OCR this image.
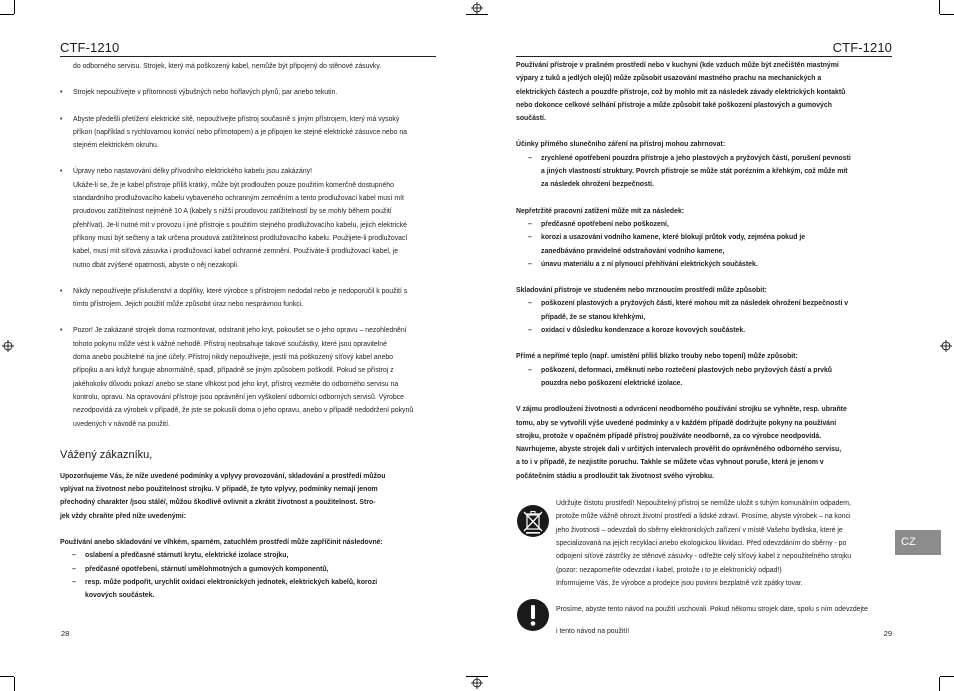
CTF-1210
do odborného servisu. Strojek, který má poškozený kabel, nemůže být připojený do stěnové zásuvky.
• Strojek nepoužívejte v přítomnosti výbušných nebo hořlavých plynů, par anebo tekutin.
• Abyste předešli přetížení elektrické sítě, nepoužívejte přístroj současně s jiným přístrojem, který má vysoký
příkon (například s rychlovarnou konvicí nebo přímotopem) a je připojen ke stejné elektrické zásuvce nebo na
stejném elektrickém okruhu.
• Úpravy nebo nastavování délky přívodního elektrického kabelu jsou zakázány!
Ukáže-li se, že je kabel přístroje příliš krátký, může být prodloužen pouze použitím komerčně dostupného
standardního prodlužovacího kabelu vybaveného ochranným zemněním a tento prodlužovací kabel musí mít
proudovou zatížitelnost nejméně 10 A (kabely s nižší proudovou zatížitelností by se mohly během použití
přehřívat). Je-li nutné mít v provozu i jiné přístroje s použitím stejného prodlužovacího kabelu, jejich elektrické
příkony musí být sečteny a tak určena proudová zatížitelnost prodlužovacího kabelu. Použijete-li prodlužovací
kabel, musí mít síťová zásuvka i prodlužovací kabel ochranné zemnění. Používáte-li prodlužovací kabel, je
nutno dbát zvýšené opatrnosti, abyste o něj nezakopli.
• Nikdy nepoužívejte příslušenství a doplňky, které výrobce s přístrojem nedodal nebo je nedoporučil k použití s
tímto přístrojem. Jejich použití může způsobit úraz nebo nesprávnou funkci.
• Pozor! Je zakázané strojek doma rozmontovat, odstranit jeho kryt, pokoušet se o jeho opravu – nezohlednění
tohoto pokynu může vést k vážné nehodě. Přístroj neobsahuje takové součástky, které jsou opravitelné
doma anebo použitelné na jiné účely. Přístroj nikdy nepoužívejte, jestli má poškozený síťový kabel anebo
přípojku a ani když funguje abnormálně, spadl, případně se jiným způsobem poškodil. Pokud se přístroj z
jakéhokoliv důvodu pokazí anebo se stane vlhkost pod jeho kryt, přístroj vezměte do odborného servisu na
kontrolu, opravu. Na opravování přístroje jsou oprávnění jen vyškolení odborníci odborných servisů. Výrobce
nezodpovídá za výrobek v případě, že jste se pokusili doma o jeho opravu, anebo v případě nedodržení pokynů
uvedených v návodě na použití.
Vážený zákazníku,
Upozorňujeme Vás, že níže uvedené podmínky a vplyvy provozování, skladování a prostředí můžou
vplývat na životnost nebo použitelnost strojku. V případě, že tyto vplyvy, podmínky nemají jenom
přechodný charakter /jsou stálé/, můžou škodlivě ovlivnit a zkrátit životnost a použitelnost. Stro-
jek vždy chraňte před níže uvedenými:
Používání anebo skladování ve vlhkém, sparném, zatuchlém prostředí může zapříčinit následovné:
– oslabení a předčasné stárnutí krytu, elektrické izolace strojku,
– předčasné opotřebení, stárnutí umělohmotných a gumových komponentů,
– resp. může podpořit, urychlit oxidaci elektronických jednotek, elektrických kabelů, korozi
kovových součástek.
28
CTF-1210
Používání přístroje v prašném prostředí nebo v kuchyni (kde vzduch může být znečištěn mastnými
výpary z tuků a jedlých olejů) může způsobit usazování mastného prachu na mechanických a
elektrických částech a pouzdře přístroje, což by mohlo mít za následek závady elektrických kontaktů
nebo dokonce celkové selhání přístroje a může způsobit také poškození plastových a gumových
součástí.
Účinky přímého slunečního záření na přístroj mohou zahrnovat:
– zrychlené opotřebení pouzdra přístroje a jeho plastových a pryžových částí, porušení pevnosti
a jiných vlastností struktury. Povrch přístroje se může stát porézním a křehkým, což může mít
za následek ohrožení bezpečnosti.
Nepřetržité pracovní zatížení může mít za následek:
– předčasné opotřebení nebo poškození,
– korozi a usazování vodního kamene, které blokují průtok vody, zejména pokud je
zanedbáváno pravidelné odstraňování vodního kamene,
– únavu materiálu a z ní plynoucí přehřívání elektrických součástek.
Skladování přístroje ve studeném nebo mrznoucím prostředí může způsobit:
– poškození plastových a pryžových částí, které mohou mít za následek ohrožení bezpečnosti v
případě, že se stanou křehkými,
– oxidaci v důsledku kondenzace a koroze kovových součástek.
Přímé a nepřímé teplo (např. umístění příliš blízko trouby nebo topení) může způsobit:
– poškození, deformaci, změknutí nebo roztečení plastových nebo pryžových částí a prvků
pouzdra nebo poškození elektrické izolace.
V zájmu prodloužení životnosti a odvrácení neodborného používání strojku se vyhněte, resp. ubraňte
tomu, aby se vytvořili výše uvedené podmínky a v každém případě dodržujte pokyny na používání
strojku, protože v opačném případě přístroj používáte neodborně, za co výrobce neodpovídá.
Navrhujeme, abyste strojek dali v určitých intervalech provĕřit do oprávněného odborného servisu,
a to i v případě, že nezjistíte poruchu. Takhle se můžete včas vyhnout poruše, která je jenom v
počátečním stádiu a prodloužit tak životnost svého výrobku.
Udržujte čistotu prostředí! Nepoužitelný přístroj se nemůže uložit s tuhým komunálním odpadem,
protože může vážně ohrozit životní prostředí a lidské zdraví. Prosíme, abyste výrobek – na konci
jeho životnosti – odevzdali do sběrny elektronických zařízení v místě Vašeho bydliska, které je
specializovaná na jejich recyklaci anebo ekologickou likvidaci. Před odevzdáním do sběrny - po
odpojení síťové zástrčky ze stěnové zásuvky - odřežte celý síťový kabel z nepoužitelného strojku
(pozor: nezapomeňte odevzdat i kabel, protože i to je elektronický odpad!)
Informujeme Vás, že výrobce a prodejce jsou povinni bezplatně vzít zpátky tovar.
Prosíme, abyste tento návod na použití uschovali. Pokud někomu strojek dáte, spolu s ním odevzdejte
i tento návod na použití!
CZ
29
